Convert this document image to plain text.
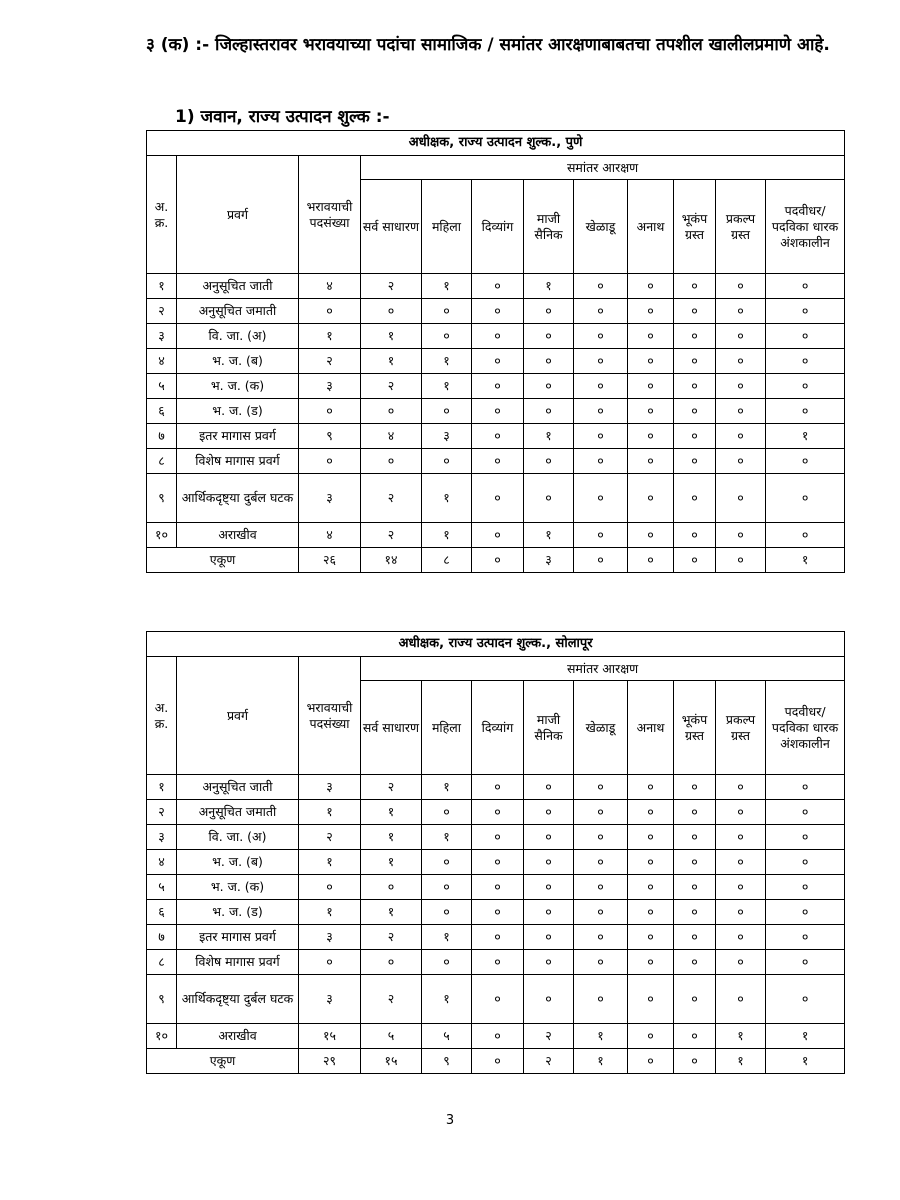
३ (क) :- जिल्हास्तरावर भरावयाच्या पदांचा सामाजिक / समांतर आरक्षणाबाबतचा तपशील खालीलप्रमाणे आहे.
1) जवान, राज्य उत्पादन शुल्क :-
अधीक्षक, राज्य उत्पादन शुल्क., पुणे											
अ. क्र.	प्रवर्ग	भरावयाची पदसंख्या	समांतर आरक्षण								
			सर्व साधारण	महिला	दिव्यांग	माजी सैनिक	खेळाडू	अनाथ	भूकंप ग्रस्त	प्रकल्प ग्रस्त	पदवीधर/ पदविका धारक अंशकालीन
१	अनुसूचित जाती	४	२	१	०	१	०	०	०	०	०
२	अनुसूचित जमाती	०	०	०	०	०	०	०	०	०	०
३	वि. जा. (अ)	१	१	०	०	०	०	०	०	०	०
४	भ. ज. (ब)	२	१	१	०	०	०	०	०	०	०
५	भ. ज. (क)	३	२	१	०	०	०	०	०	०	०
६	भ. ज. (ड)	०	०	०	०	०	०	०	०	०	०
७	इतर मागास प्रवर्ग	९	४	३	०	१	०	०	०	०	१
८	विशेष मागास प्रवर्ग	०	०	०	०	०	०	०	०	०	०
९	आर्थिकदृष्ट्या दुर्बल घटक	३	२	१	०	०	०	०	०	०	०
१०	अराखीव	४	२	१	०	१	०	०	०	०	०
एकूण		२६	१४	८	०	३	०	०	०	०	१
अधीक्षक, राज्य उत्पादन शुल्क., सोलापूर											
अ. क्र.	प्रवर्ग	भरावयाची पदसंख्या	समांतर आरक्षण								
			सर्व साधारण	महिला	दिव्यांग	माजी सैनिक	खेळाडू	अनाथ	भूकंप ग्रस्त	प्रकल्प ग्रस्त	पदवीधर/ पदविका धारक अंशकालीन
१	अनुसूचित जाती	३	२	१	०	०	०	०	०	०	०
२	अनुसूचित जमाती	१	१	०	०	०	०	०	०	०	०
३	वि. जा. (अ)	२	१	१	०	०	०	०	०	०	०
४	भ. ज. (ब)	१	१	०	०	०	०	०	०	०	०
५	भ. ज. (क)	०	०	०	०	०	०	०	०	०	०
६	भ. ज. (ड)	१	१	०	०	०	०	०	०	०	०
७	इतर मागास प्रवर्ग	३	२	१	०	०	०	०	०	०	०
८	विशेष मागास प्रवर्ग	०	०	०	०	०	०	०	०	०	०
९	आर्थिकदृष्ट्या दुर्बल घटक	३	२	१	०	०	०	०	०	०	०
१०	अराखीव	१५	५	५	०	२	१	०	०	१	१
एकूण		२९	१५	९	०	२	१	०	०	१	१
3
